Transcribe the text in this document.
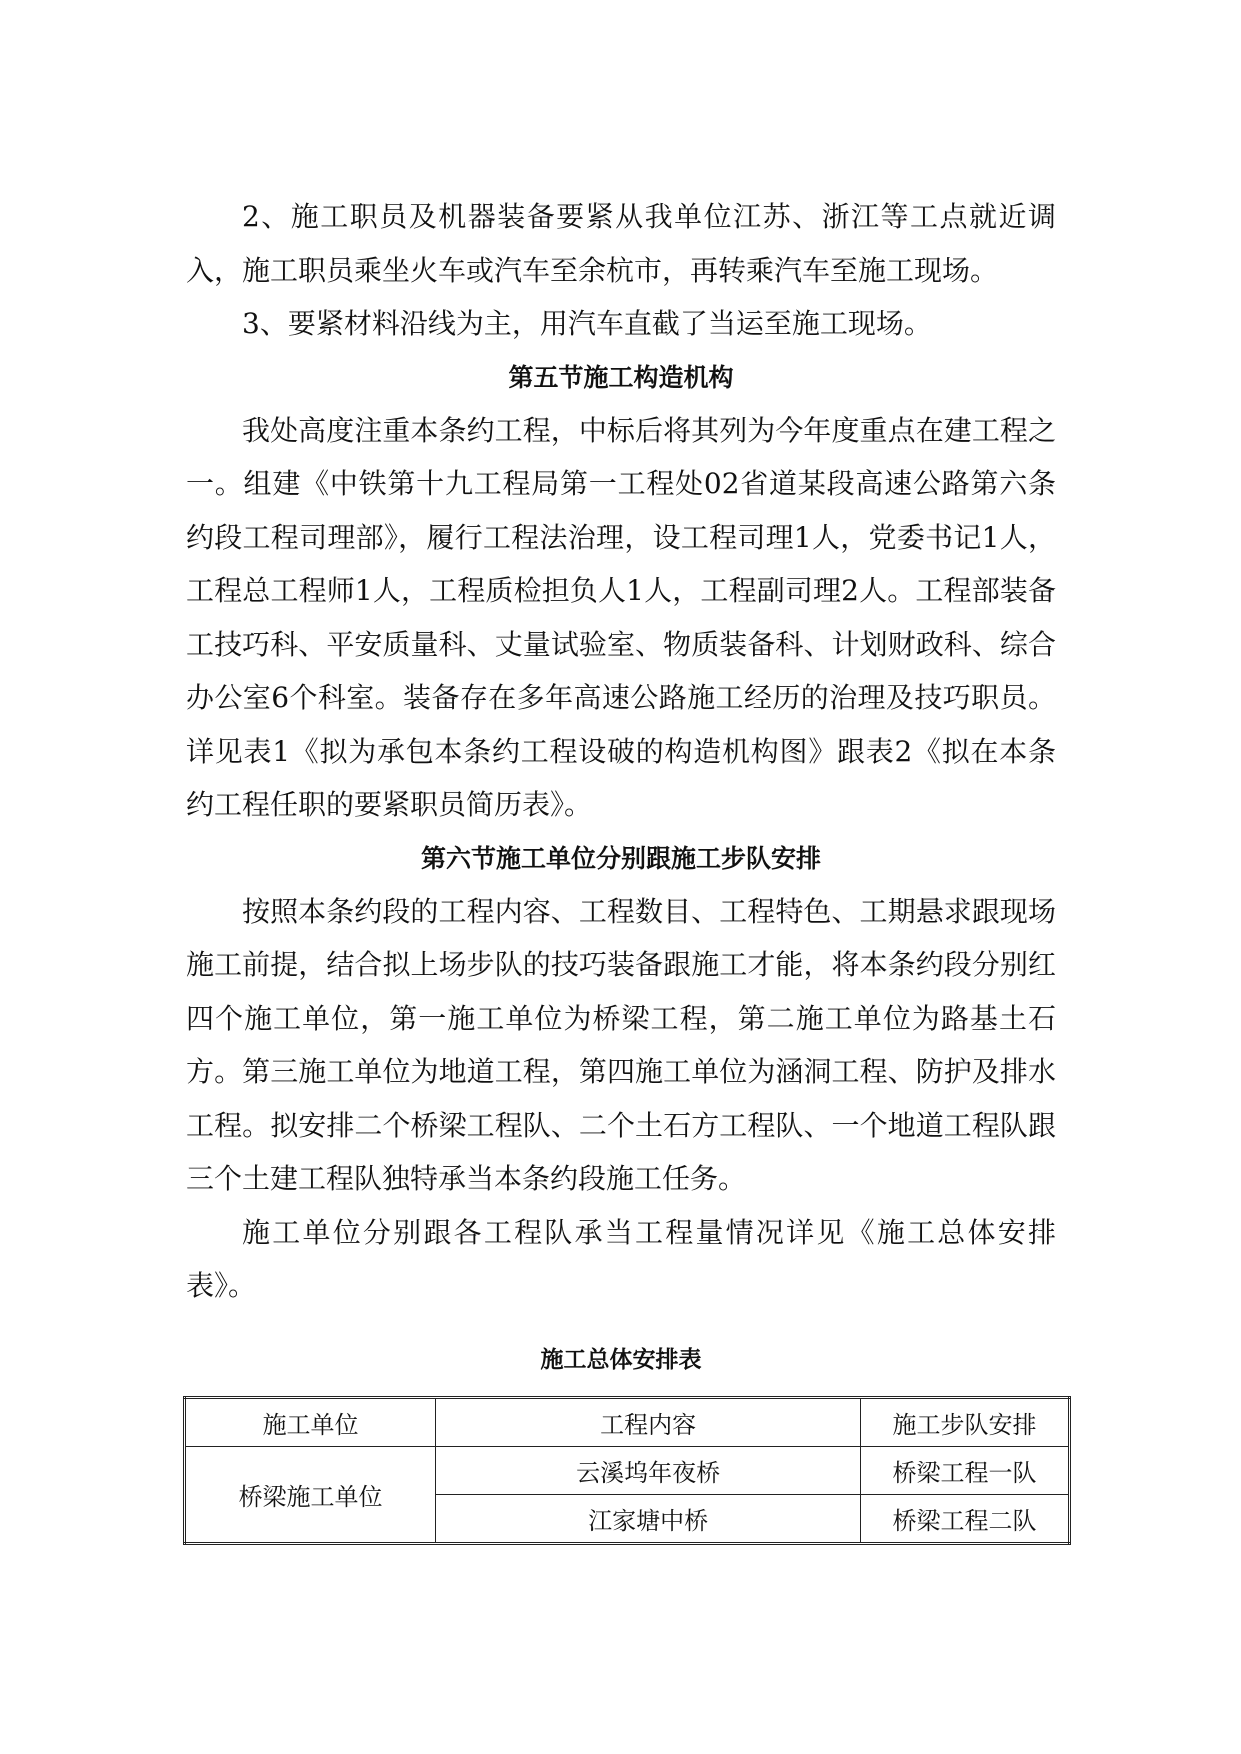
2、施工职员及机器装备要紧从我单位江苏、浙江等工点就近调入，施工职员乘坐火车或汽车至余杭市，再转乘汽车至施工现场。

3、要紧材料沿线为主，用汽车直截了当运至施工现场。

第五节施工构造机构

我处高度注重本条约工程，中标后将其列为今年度重点在建工程之一。组建《中铁第十九工程局第一工程处02省道某段高速公路第六条约段工程司理部》，履行工程法治理，设工程司理1人，党委书记1人，工程总工程师1人，工程质检担负人1人，工程副司理2人。工程部装备工技巧科、平安质量科、丈量试验室、物质装备科、计划财政科、综合办公室6个科室。装备存在多年高速公路施工经历的治理及技巧职员。详见表1《拟为承包本条约工程设破的构造机构图》跟表2《拟在本条约工程任职的要紧职员简历表》。

第六节施工单位分别跟施工步队安排

按照本条约段的工程内容、工程数目、工程特色、工期悬求跟现场施工前提，结合拟上场步队的技巧装备跟施工才能，将本条约段分别红四个施工单位，第一施工单位为桥梁工程，第二施工单位为路基土石方。第三施工单位为地道工程，第四施工单位为涵洞工程、防护及排水工程。拟安排二个桥梁工程队、二个土石方工程队、一个地道工程队跟三个土建工程队独特承当本条约段施工任务。

施工单位分别跟各工程队承当工程量情况详见《施工总体安排表》。

施工总体安排表
施工单位	工程内容	施工步队安排
桥梁施工单位	云溪坞年夜桥	桥梁工程一队
	江家塘中桥	桥梁工程二队
